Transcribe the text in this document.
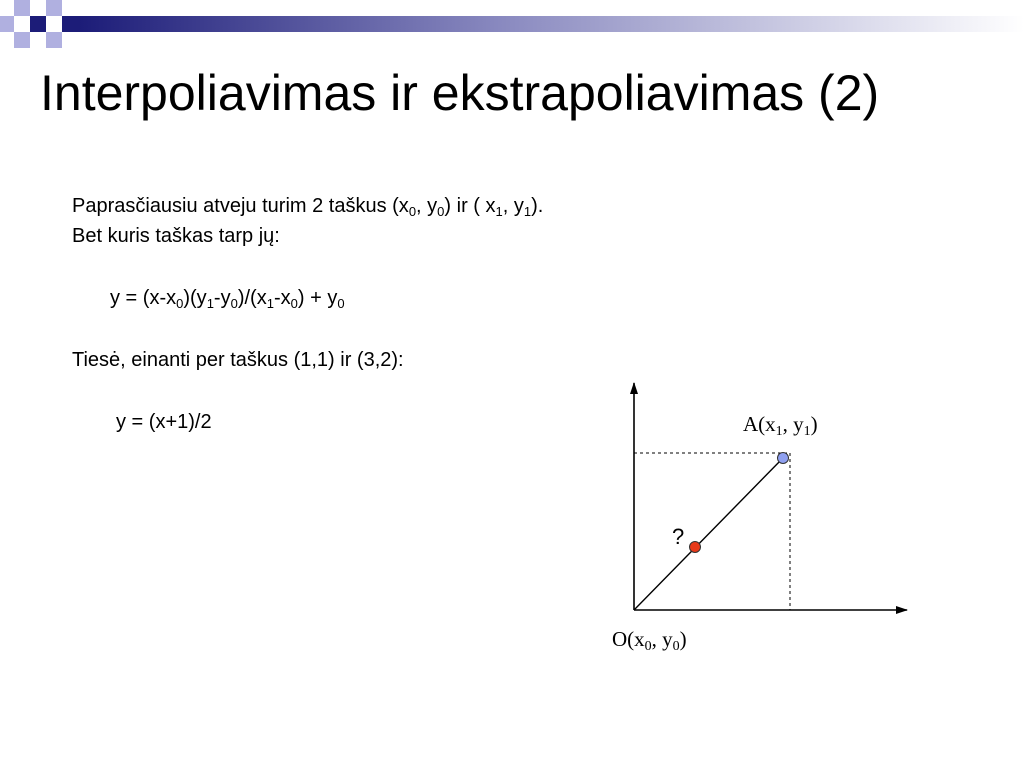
Interpoliavimas ir ekstrapoliavimas (2)
Paprasčiausiu atveju turim 2 taškus ($x_0$, $y_0$) ir ( $x_1$, $y_1$).
Bet kuris taškas tarp jų:
$y = (x-x_0)(y_1-y_0)/(x_1-x_0) + y_0$
Tiesė, einanti per taškus (1,1) ir (3,2):
y = (x+1)/2
?
A(x1, y1)
O(x0, y0)
